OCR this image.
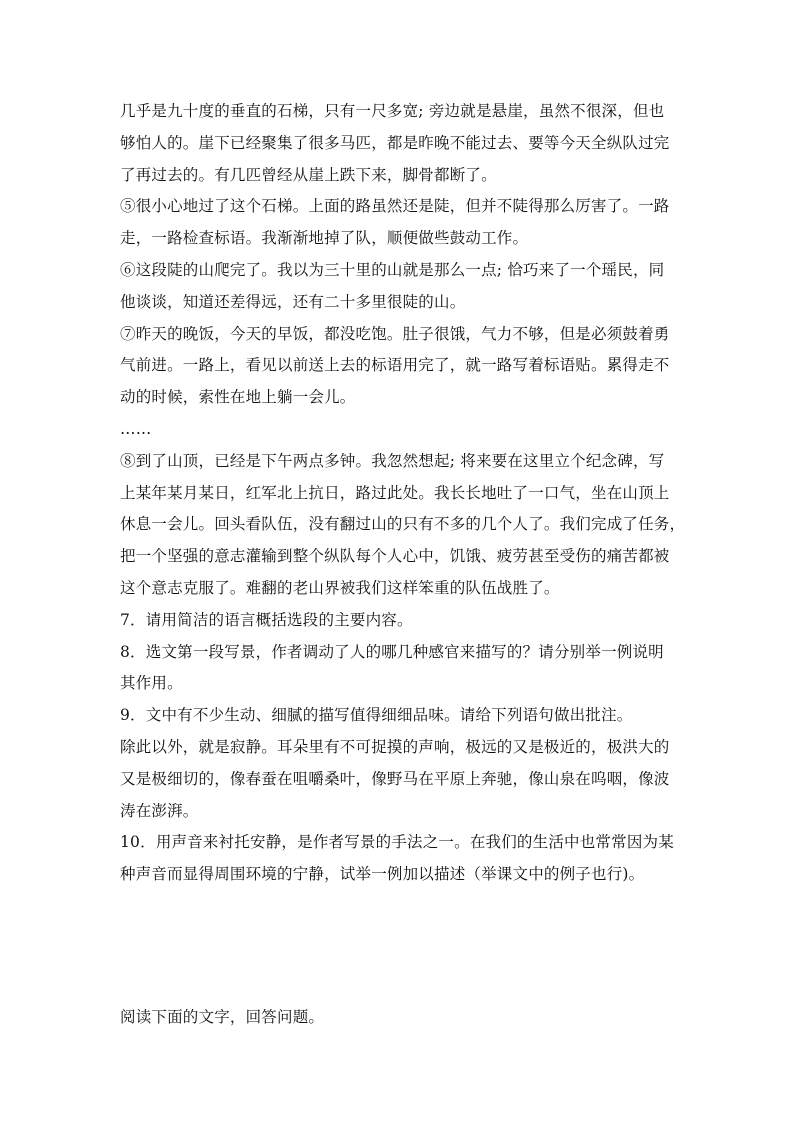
几乎是九十度的垂直的石梯，只有一尺多宽; 旁边就是悬崖，虽然不很深，但也

够怕人的。崖下已经聚集了很多马匹，都是昨晚不能过去、要等今天全纵队过完

了再过去的。有几匹曾经从崖上跌下来，脚骨都断了。

⑤很小心地过了这个石梯。上面的路虽然还是陡，但并不陡得那么厉害了。一路

走，一路检查标语。我渐渐地掉了队，顺便做些鼓动工作。

⑥这段陡的山爬完了。我以为三十里的山就是那么一点; 恰巧来了一个瑶民，同

他谈谈，知道还差得远，还有二十多里很陡的山。

⑦昨天的晚饭，今天的早饭，都没吃饱。肚子很饿，气力不够，但是必须鼓着勇

气前进。一路上，看见以前送上去的标语用完了，就一路写着标语贴。累得走不

动的时候，索性在地上躺一会儿。

……

⑧到了山顶，已经是下午两点多钟。我忽然想起; 将来要在这里立个纪念碑，写

上某年某月某日，红军北上抗日，路过此处。我长长地吐了一口气，坐在山顶上

休息一会儿。回头看队伍，没有翻过山的只有不多的几个人了。我们完成了任务，

把一个坚强的意志灌输到整个纵队每个人心中，饥饿、疲劳甚至受伤的痛苦都被

这个意志克服了。难翻的老山界被我们这样笨重的队伍战胜了。

7．请用简洁的语言概括选段的主要内容。

8．选文第一段写景，作者调动了人的哪几种感官来描写的？请分别举一例说明

其作用。

9．文中有不少生动、细腻的描写值得细细品味。请给下列语句做出批注。

除此以外，就是寂静。耳朵里有不可捉摸的声响，极远的又是极近的，极洪大的

又是极细切的，像春蚕在咀嚼桑叶，像野马在平原上奔驰，像山泉在呜咽，像波

涛在澎湃。

10．用声音来衬托安静，是作者写景的手法之一。在我们的生活中也常常因为某

种声音而显得周围环境的宁静，试举一例加以描述（举课文中的例子也行)。

阅读下面的文字，回答问题。
